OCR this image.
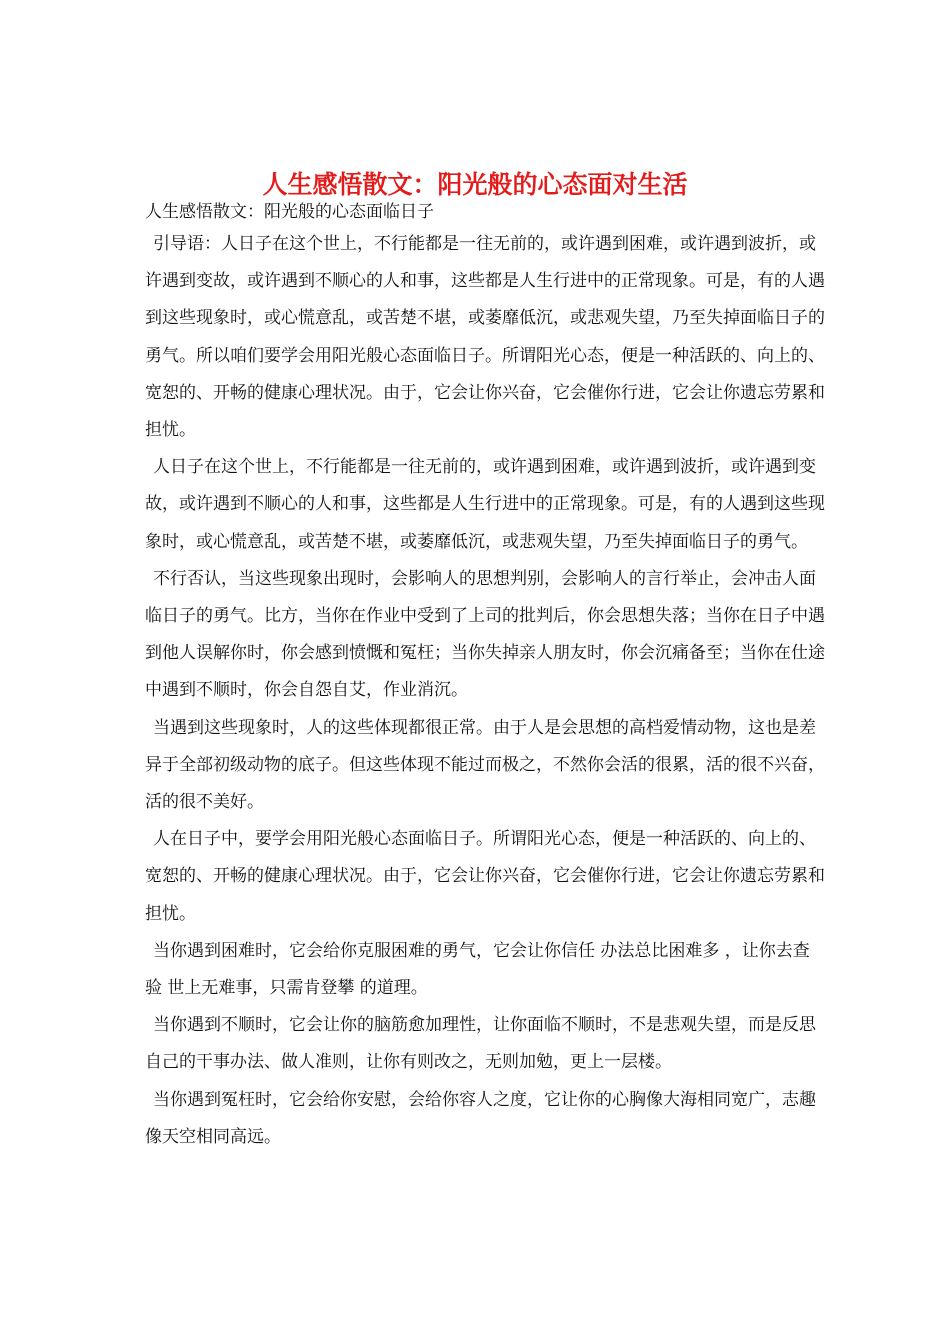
人生感悟散文：阳光般的心态面对生活

人生感悟散文：阳光般的心态面临日子

引导语：人日子在这个世上，不行能都是一往无前的，或许遇到困难，或许遇到波折，或许遇到变故，或许遇到不顺心的人和事，这些都是人生行进中的正常现象。可是，有的人遇到这些现象时，或心慌意乱，或苦楚不堪，或萎靡低沉，或悲观失望，乃至失掉面临日子的勇气。所以咱们要学会用阳光般心态面临日子。所谓阳光心态，便是一种活跃的、向上的、宽恕的、开畅的健康心理状况。由于，它会让你兴奋，它会催你行进，它会让你遗忘劳累和担忧。

人日子在这个世上，不行能都是一往无前的，或许遇到困难，或许遇到波折，或许遇到变故，或许遇到不顺心的人和事，这些都是人生行进中的正常现象。可是，有的人遇到这些现象时，或心慌意乱，或苦楚不堪，或萎靡低沉，或悲观失望，乃至失掉面临日子的勇气。

不行否认，当这些现象出现时，会影响人的思想判别，会影响人的言行举止，会冲击人面临日子的勇气。比方，当你在作业中受到了上司的批判后，你会思想失落；当你在日子中遇到他人误解你时，你会感到愤慨和冤枉；当你失掉亲人朋友时，你会沉痛备至；当你在仕途中遇到不顺时，你会自怨自艾，作业消沉。

当遇到这些现象时，人的这些体现都很正常。由于人是会思想的高档爱情动物，这也是差异于全部初级动物的底子。但这些体现不能过而极之，不然你会活的很累，活的很不兴奋，活的很不美好。

人在日子中，要学会用阳光般心态面临日子。所谓阳光心态，便是一种活跃的、向上的、宽恕的、开畅的健康心理状况。由于，它会让你兴奋，它会催你行进，它会让你遗忘劳累和担忧。

当你遇到困难时，它会给你克服困难的勇气，它会让你信任 办法总比困难多 ，让你去查验 世上无难事，只需肯登攀 的道理。

当你遇到不顺时，它会让你的脑筋愈加理性，让你面临不顺时，不是悲观失望，而是反思自己的干事办法、做人准则，让你有则改之，无则加勉，更上一层楼。

当你遇到冤枉时，它会给你安慰，会给你容人之度，它让你的心胸像大海相同宽广，志趣像天空相同高远。
